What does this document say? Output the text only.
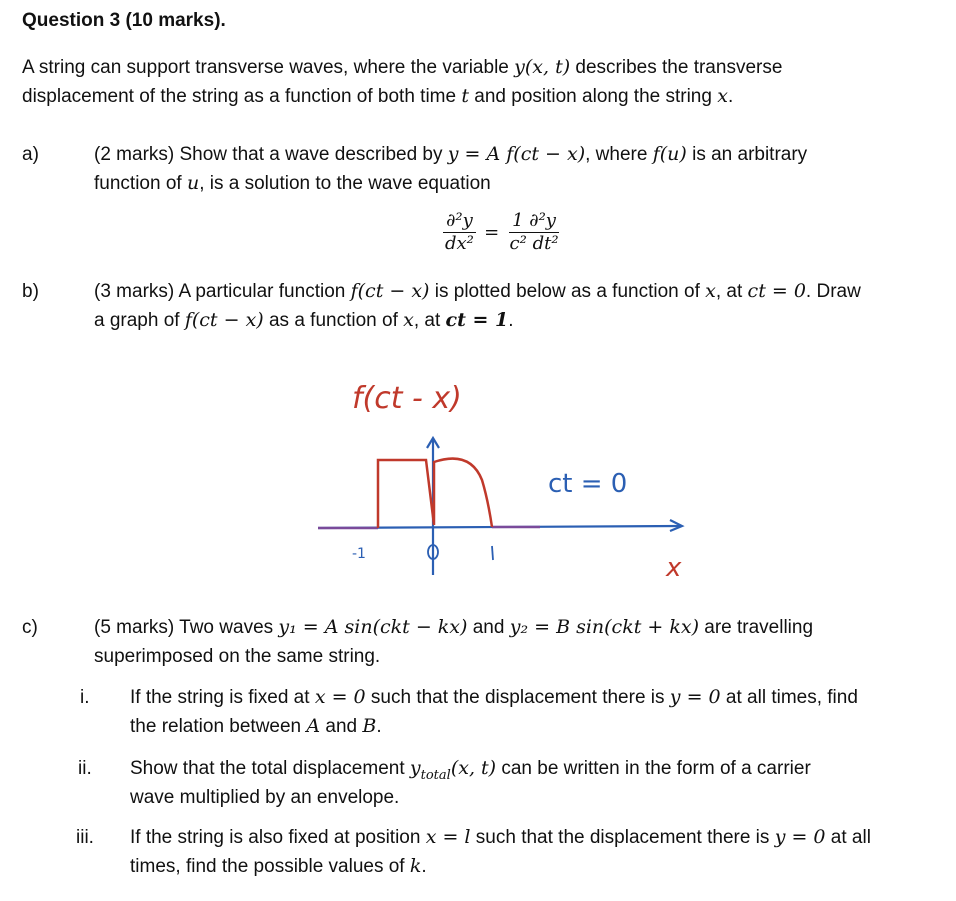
Question 3 (10 marks).
A string can support transverse waves, where the variable y(x, t) describes the transverse
displacement of the string as a function of both time t and position along the string x.
a)	(2 marks) Show that a wave described by y = A f(ct − x), where f(u) is an arbitrary
function of u, is a solution to the wave equation
$\frac{\text{∂²y}}{\text{dx²}} = \frac{\text{1 ∂²y}}{\text{c² dt²}}$
b)	(3 marks) A particular function f(ct − x) is plotted below as a function of x, at ct = 0. Draw
a graph of f(ct − x) as a function of x, at ct = 1.
f(ct - x)
-1
ct = 0
x
c)	(5 marks) Two waves y₁ = A sin(ckt − kx) and y₂ = B sin(ckt + kx) are travelling
superimposed on the same string.
i. If the string is fixed at x = 0 such that the displacement there is y = 0 at all times, find
the relation between A and B.
ii. Show that the total displacement $y_{total}(x$, t) can be written in the form of a carrier
wave multiplied by an envelope.
iii. If the string is also fixed at position x = l such that the displacement there is y = 0 at all
times, find the possible values of k.
